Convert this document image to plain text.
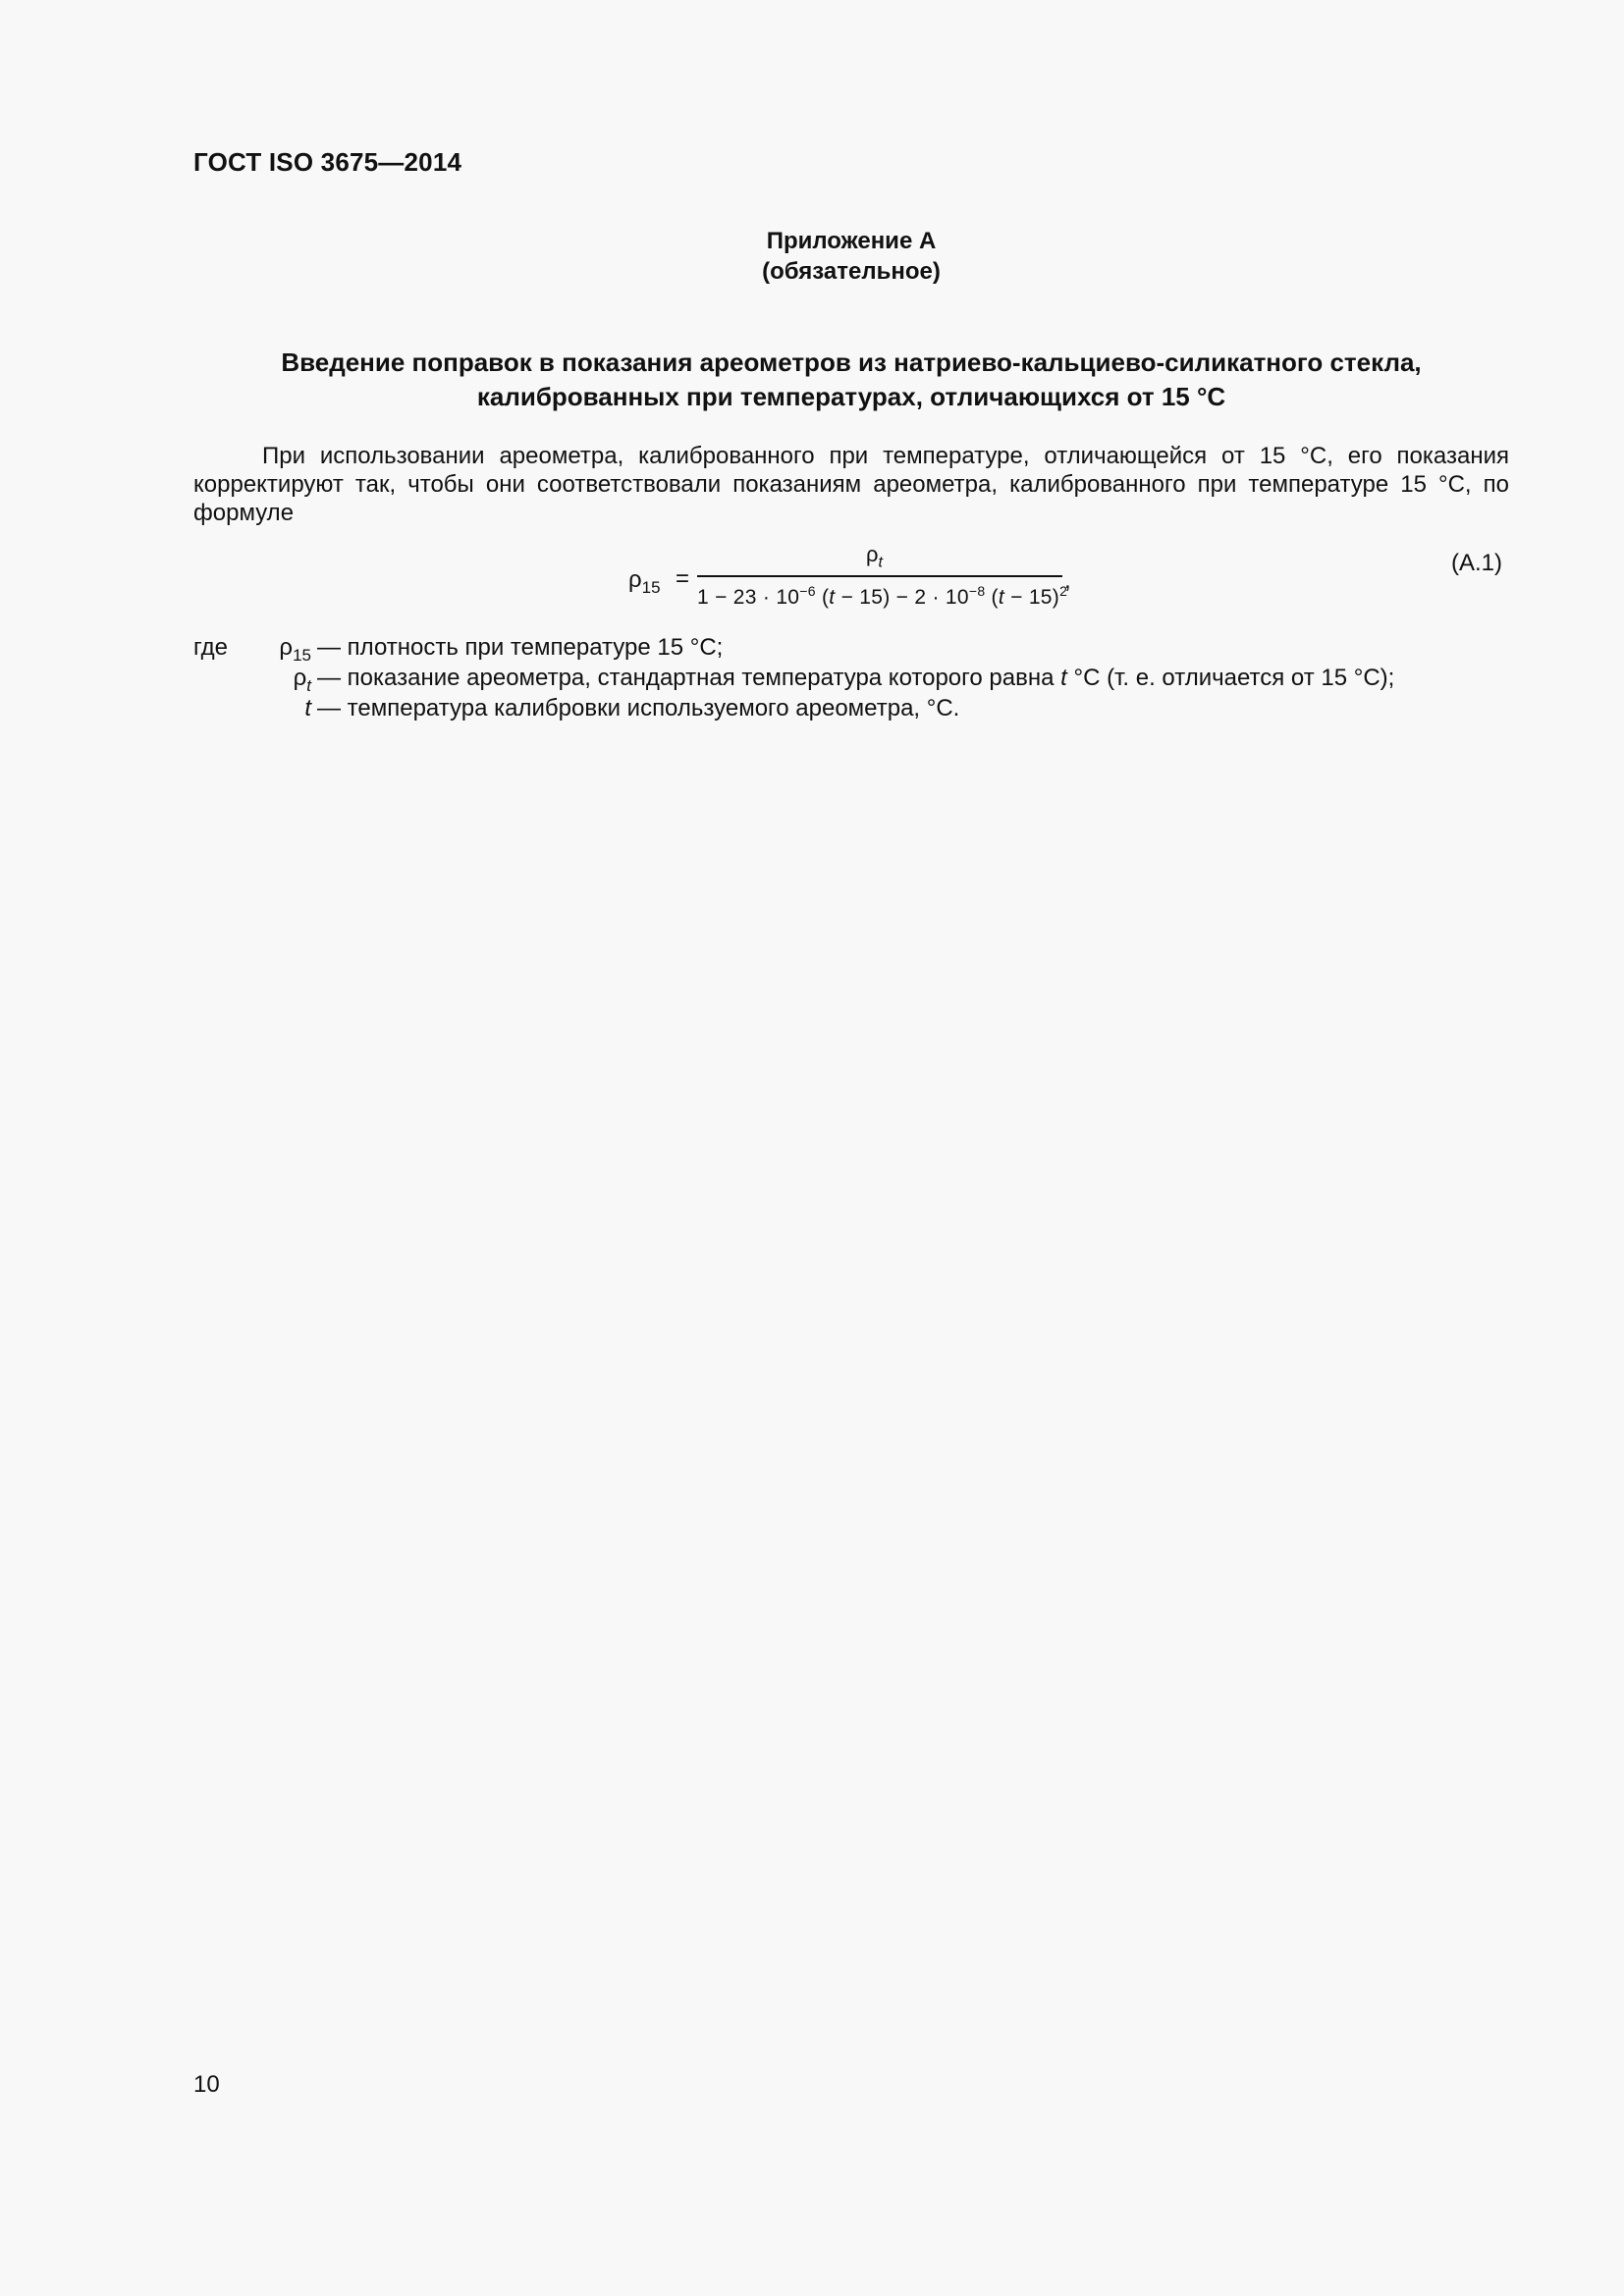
ГОСТ ISO 3675—2014
Приложение А
(обязательное)
Введение поправок в показания ареометров из натриево-кальциево-силикатного стекла,
калиброванных при температурах, отличающихся от 15 °С
При использовании ареометра, калиброванного при температуре, отличающейся от 15 °С, его показания корректируют так, чтобы они соответствовали показаниям ареометра, калиброванного при температуре 15 °С, по формуле
$\rho_{15}$ =
$\rho_t$
$1 - 23 \cdot 10^{-6}$ $(t - 15) - 2 \cdot 10^{-8}$ $(t - 15)^2$
,
(А.1)
где	$\rho_{15}$ — плотность при температуре 15 °С;
$\rho_t$ — показание ареометра, стандартная температура которого равна t °С (т. е. отличается от 15 °С);
t — температура калибровки используемого ареометра, °С.
10
